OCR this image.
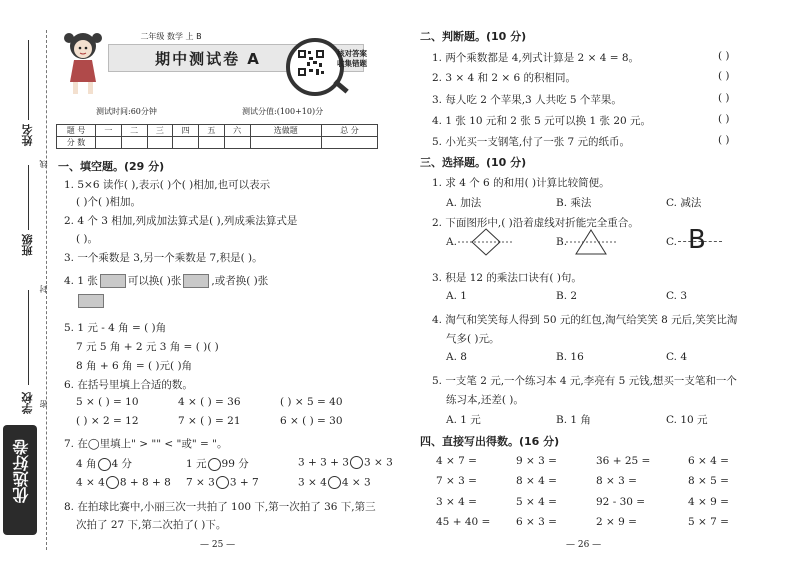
姓名
班级
学校
线
封
密
优选好卷
二年级 数学 上 B
期中测试卷 A	核对答案
收集错题
测试时间:60分钟	测试分值:(100+10)分
题 号	一	二	三	四	五	六	选做题	总 分
分 数								
一、填空题。(29 分)
1. 5×6 读作( ),表示( )个( )相加,也可以表示
( )个( )相加。
2. 4 个 3 相加,列成加法算式是( ),列成乘法算式是
( )。
3. 一个乘数是 3,另一个乘数是 7,积是( )。
4. 1 张	可以换( )张	,或者换( )张
5. 1 元 - 4 角 = ( )角
7 元 5 角 + 2 元 3 角 = ( )( )
8 角 + 6 角 = ( )元( )角
6. 在括号里填上合适的数。
5 × ( ) = 10	4 × ( ) = 36	( ) × 5 = 40
( ) × 2 = 12	7 × ( ) = 21	6 × ( ) = 30
7. 在◯里填上" > "" < "或" = "。
4 角 4 分	1 元 99 分	3 + 3 + 3 3 × 3
4 × 4 8 + 8 + 8 7 × 3 3 + 7	3 × 4 4 × 3
8. 在拍球比赛中,小丽三次一共拍了 100 下,第一次拍了 36 下,第三
次拍了 27 下,第二次拍了( )下。
— 25 —
二、判断题。(10 分)
1. 两个乘数都是 4,列式计算是 2 × 4 = 8。	( )
2. 3 × 4 和 2 × 6 的积相同。	( )
3. 每人吃 2 个苹果,3 人共吃 5 个苹果。	( )
4. 1 张 10 元和 2 张 5 元可以换 1 张 20 元。	( )
5. 小光买一支钢笔,付了一张 7 元的纸币。	( )
三、选择题。(10 分)
1. 求 4 个 6 的和用( )计算比较简便。
A. 加法	B. 乘法	C. 减法
2. 下面图形中,( )沿着虚线对折能完全重合。
A.	B.	C. B
3. 积是 12 的乘法口诀有( )句。
A. 1	B. 2	C. 3
4. 淘气和笑笑每人得到 50 元的红包,淘气给笑笑 8 元后,笑笑比淘
气多( )元。
A. 8	B. 16	C. 4
5. 一支笔 2 元,一个练习本 4 元,李亮有 5 元钱,想买一支笔和一个
练习本,还差( )。
A. 1 元	B. 1 角	C. 10 元
四、直接写出得数。(16 分)
4 × 7 =	9 × 3 =	36 + 25 =	6 × 4 =
7 × 3 =	8 × 4 =	8 × 3 =	8 × 5 =
3 × 4 =	5 × 4 =	92 - 30 =	4 × 9 =
45 + 40 = 6 × 3 =	2 × 9 =	5 × 7 =
— 26 —
